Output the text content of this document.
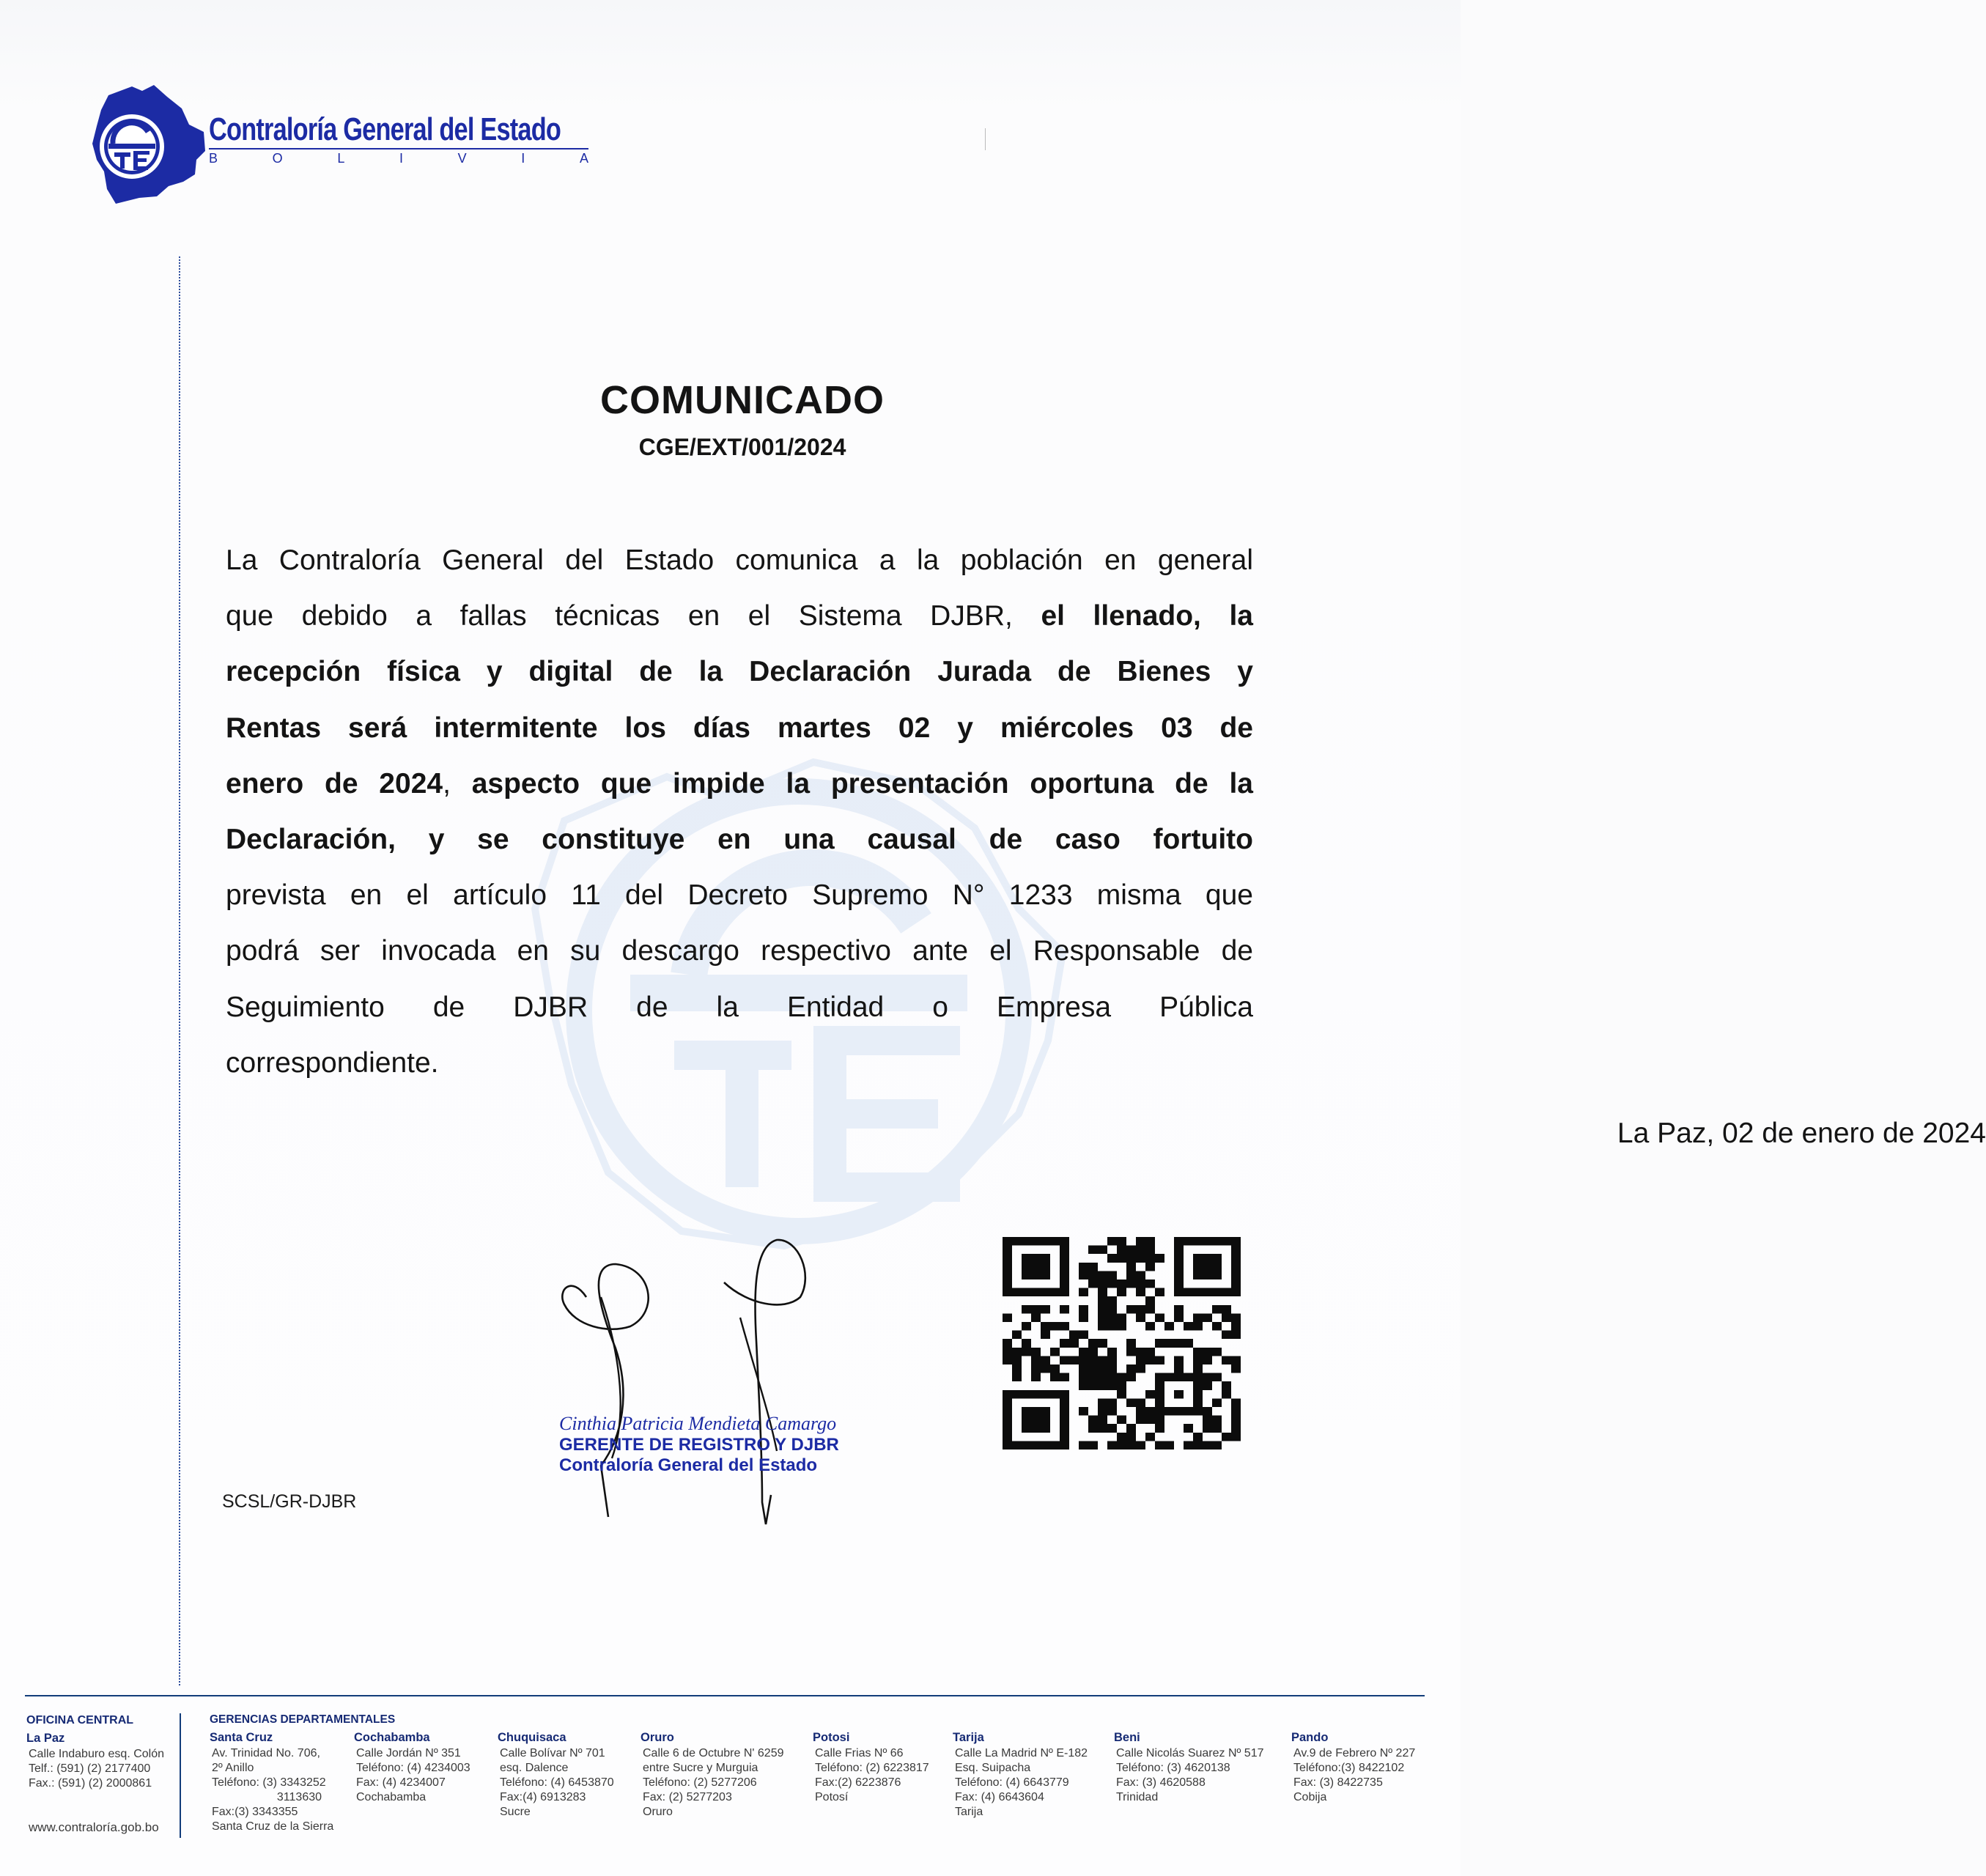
Contraloría General del Estado
B	O	L	I	V	I	A
COMUNICADO
CGE/EXT/001/2024
La Contraloría General del Estado comunica a la población en general
que debido a fallas técnicas en el Sistema DJBR, el llenado, la
recepción física y digital de la Declaración Jurada de Bienes y
Rentas será intermitente los días martes 02 y miércoles 03 de
enero de 2024, aspecto que impide la presentación oportuna de la
Declaración, y se constituye en una causal de caso fortuito
prevista en el artículo 11 del Decreto Supremo N° 1233 misma que
podrá ser invocada en su descargo respectivo ante el Responsable de
Seguimiento de DJBR de la Entidad o Empresa Pública
correspondiente.
La Paz, 02 de enero de 2024
Cinthia Patricia Mendieta Camargo
GERENTE DE REGISTRO Y DJBR
Contraloría General del Estado
SCSL/GR-DJBR
OFICINA CENTRAL
La Paz
Calle Indaburo esq. Colón
Telf.: (591) (2) 2177400
Fax.: (591) (2) 2000861
www.contraloría.gob.bo
GERENCIAS DEPARTAMENTALES
Santa Cruz
Av. Trinidad No. 706,
2º Anillo
Teléfono: (3) 3343252
3113630
Fax:(3) 3343355
Santa Cruz de la Sierra
Cochabamba
Calle Jordán Nº 351
Teléfono: (4) 4234003
Fax: (4) 4234007
Cochabamba
Chuquisaca
Calle Bolívar Nº 701
esq. Dalence
Teléfono: (4) 6453870
Fax:(4) 6913283
Sucre
Oruro
Calle 6 de Octubre N' 6259
entre Sucre y Murguia
Teléfono: (2) 5277206
Fax: (2) 5277203
Oruro
Potosi
Calle Frias Nº 66
Teléfono: (2) 6223817
Fax:(2) 6223876
Potosí
Tarija
Calle La Madrid Nº E-182
Esq. Suipacha
Teléfono: (4) 6643779
Fax: (4) 6643604
Tarija
Beni
Calle Nicolás Suarez Nº 517
Teléfono: (3) 4620138
Fax: (3) 4620588
Trinidad
Pando
Av.9 de Febrero Nº 227
Teléfono:(3) 8422102
Fax: (3) 8422735
Cobija
